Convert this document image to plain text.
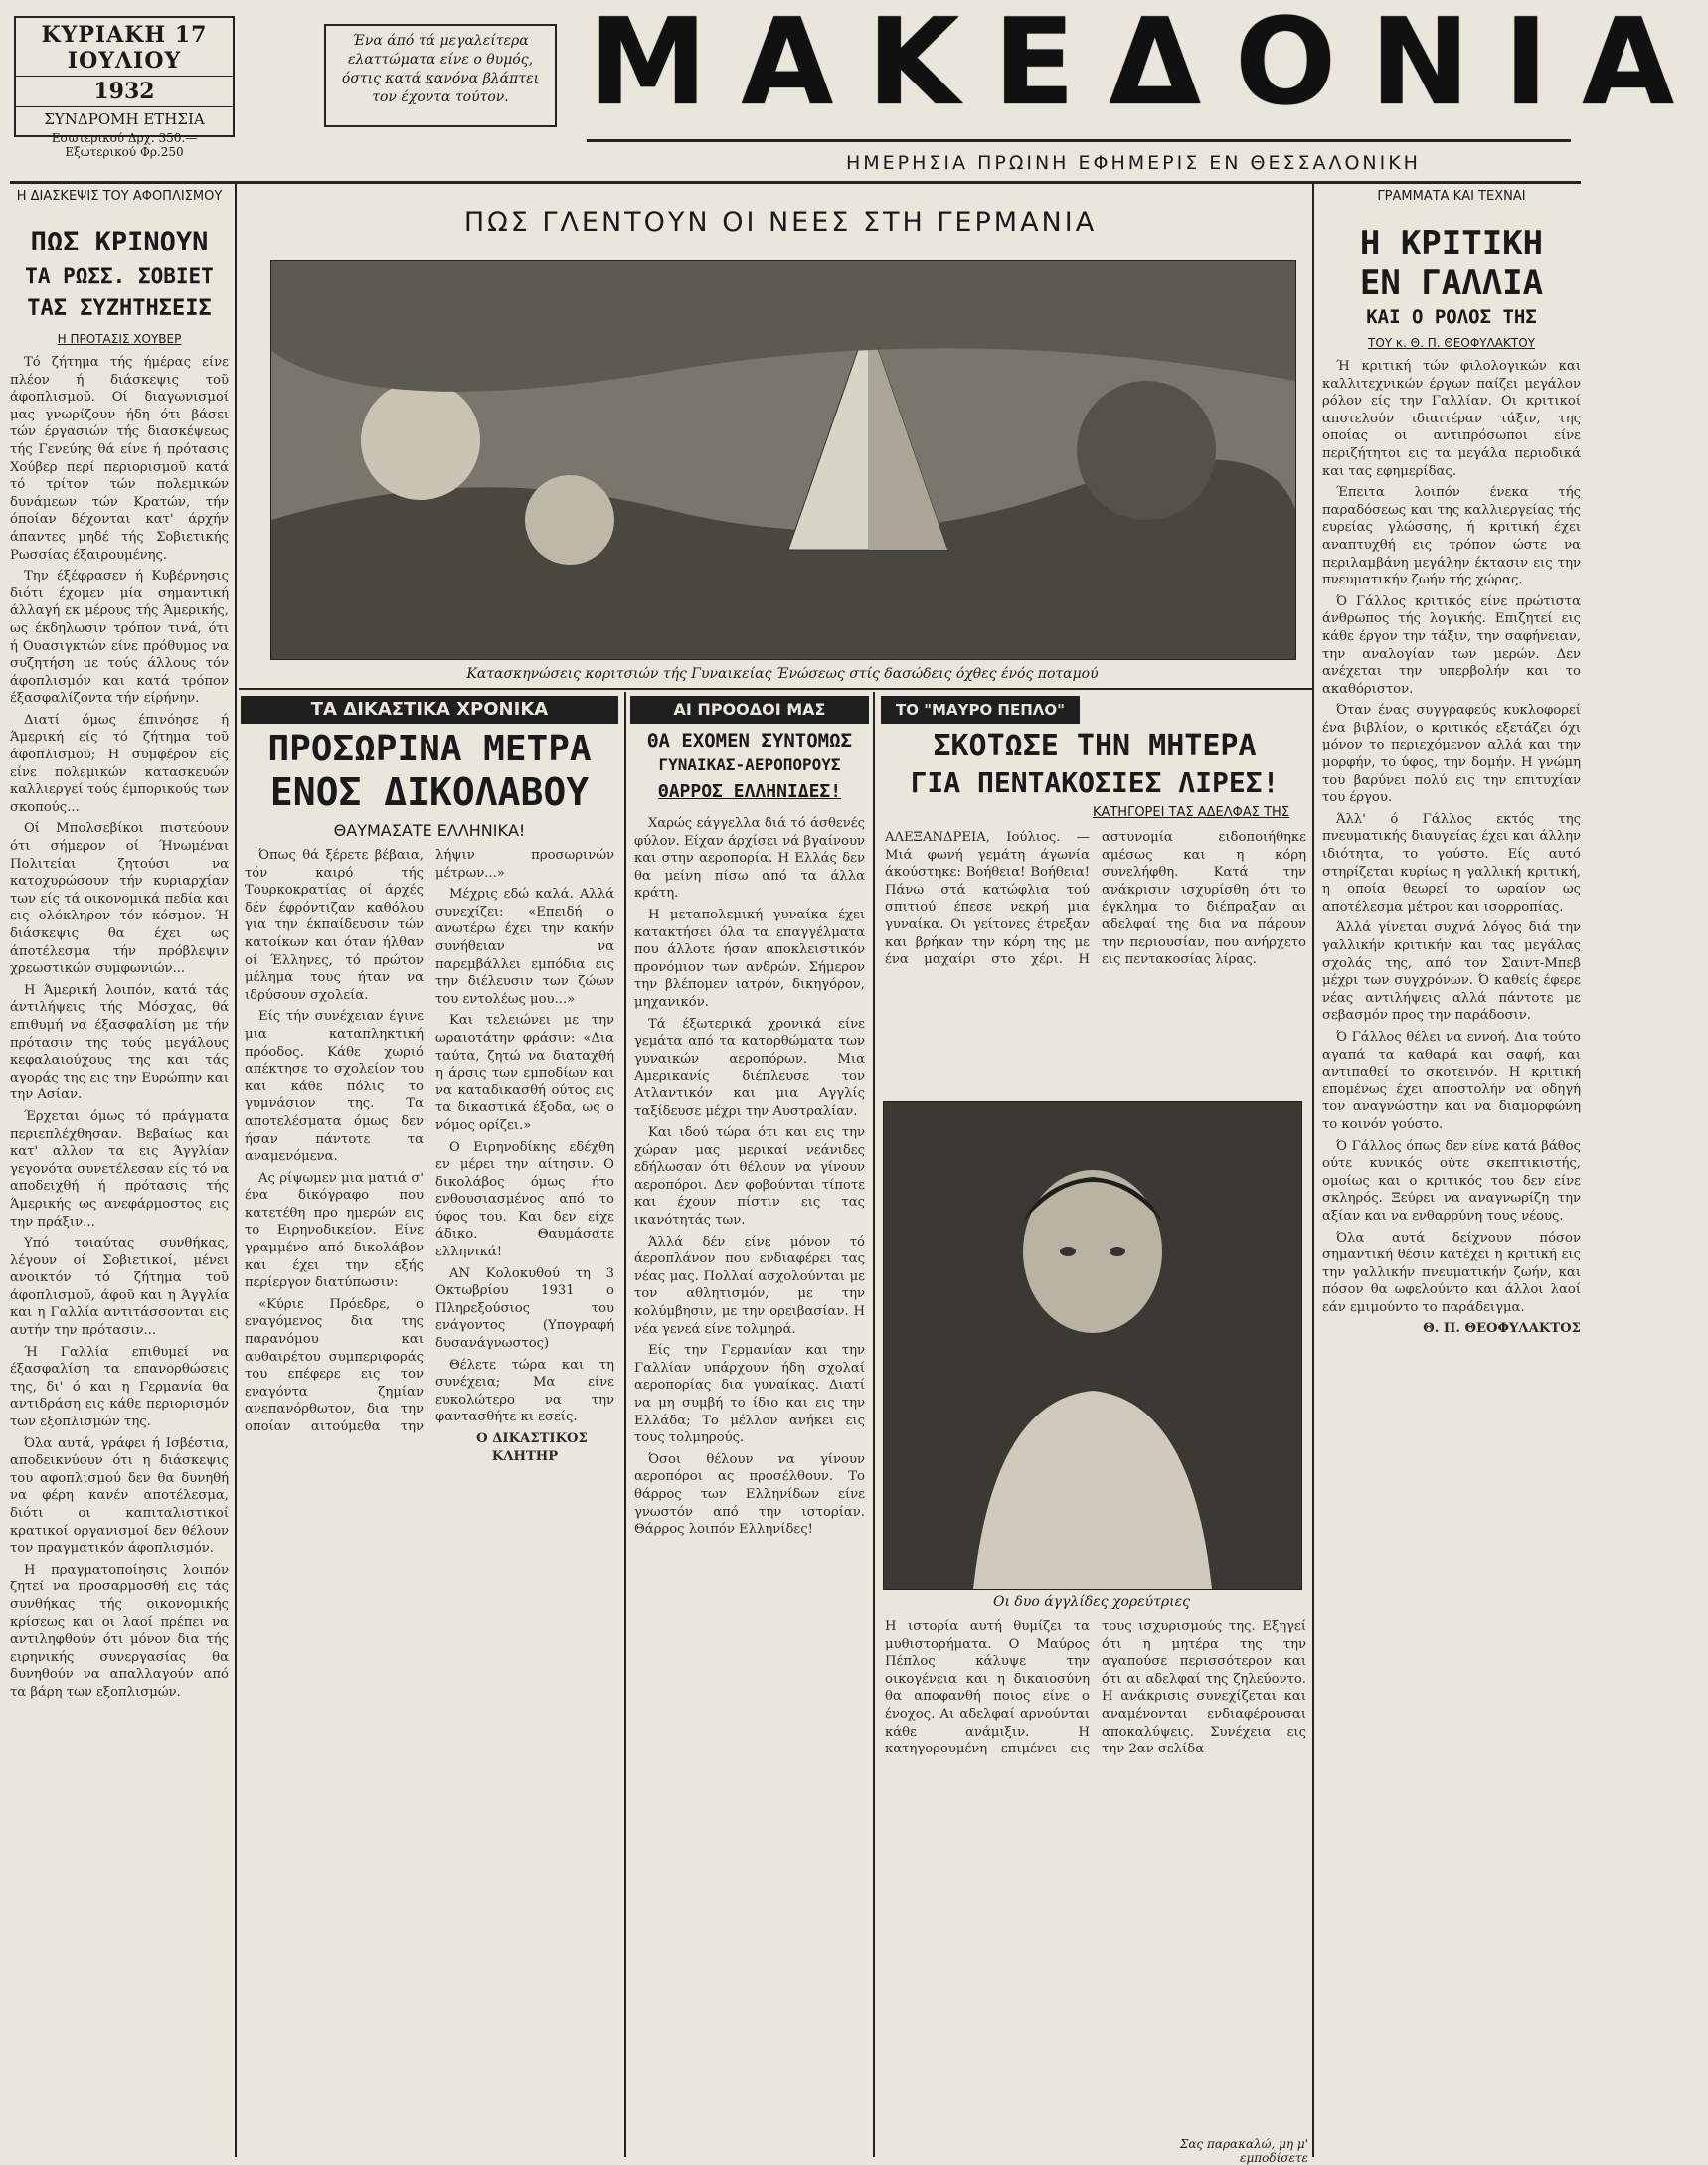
ΚΥΡΙΑΚΗ 17 ΙΟΥΛΙΟΥ
1932
ΣΥΝΔΡΟΜΗ ΕΤΗΣΙΑ
Εσωτερικού Δρχ. 350.— Εξωτερικού Φρ.250
Ένα άπό τά μεγαλείτερα ελαττώματα είνε ο θυμός, όστις κατά κανόνα βλάπτει τον έχοντα τούτον. ΜΑΚΕΔΟΝΙΑ
ΗΜΕΡΗΣΙΑ ΠΡΩΙΝΗ ΕΦΗΜΕΡΙΣ ΕΝ ΘΕΣΣΑΛΟΝΙΚΗ
Η ΔΙΑΣΚΕΨΙΣ ΤΟΥ ΑΦΟΠΛΙΣΜΟΥ
ΠΩΣ ΚΡΙΝΟΥΝ
ΤΑ ΡΩΣΣ. ΣΟΒΙΕΤ
ΤΑΣ ΣΥΖΗΤΗΣΕΙΣ
Η ΠΡΟΤΑΣΙΣ ΧΟΥΒΕΡ

Τό ζήτημα τής ήμέρας είνε πλέον ή διάσκεψις τοῦ άφοπλισμοῦ. Οί διαγωνισμοί μας γνωρίζουν ήδη ότι βάσει τών έργασιών τής διασκέψεως τής Γενεύης θά είνε ή πρότασις Χούβερ περί περιορισμοῦ κατά τό τρίτον τών πολεμικών δυνάμεων τών Κρατών, τήν όποίαν δέχονται κατ' άρχήν άπαντες μηδέ τής Σοβιετικής Ρωσσίας έξαιρουμένης.

Την έξέφρασεν ή Κυβέρνησις διότι έχομεν μία σημαντική άλλαγή εκ μέρους τής Άμερικής, ως έκδηλωσιν τρόπον τινά, ότι ή Ουασιγκτών είνε πρόθυμος να συζητήση με τούς άλλους τόν άφοπλισμόν και κατά τρόπον έξασφαλίζοντα τήν είρήνην.

Διατί όμως έπινόησε ή Άμερική είς τό ζήτημα τοῦ άφοπλισμοῦ; Η συμφέρον είς είνε πολεμικών κατασκευών καλλιεργεί τούς έμπορικούς των σκοπούς...

Οί Μπολσεβίκοι πιστεύουν ότι σήμερον οί Ήνωμέναι Πολιτείαι ζητούσι να κατοχυρώσουν τήν κυριαρχίαν των είς τά οικονομικά πεδία και εις ολόκληρον τόν κόσμον. Ή διάσκεψις θα έχει ως άποτέλεσμα τήν πρόβλεψιν χρεωστικών συμφωνιών...

Η Άμερική λοιπόν, κατά τάς άντιλήψεις τής Μόσχας, θά επιθυμή να έξασφαλίση με τήν πρότασιν της τούς μεγάλους κεφαλαιούχους της και τάς αγοράς της εις την Ευρώπην και την Ασίαν.

Έρχεται όμως τό πράγματα περιεπλέχθησαν. Βεβαίως και κατ' αλλον τα εις Άγγλίαν γεγονότα συνετέλεσαν είς τό να αποδειχθή ή πρότασις τής Άμερικής ως ανεφάρμοστος εις την πράξιν...

Υπό τοιαύτας συνθήκας, λέγουν οί Σοβιετικοί, μένει ανοικτόν τό ζήτημα τοῦ άφοπλισμοῦ, άφοῦ και η Άγγλία και η Γαλλία αντιτάσσονται εις αυτήν την πρότασιν...

Ή Γαλλία επιθυμεί να έξασφαλίση τα επανορθώσεις της, δι' ό και η Γερμανία θα αντιδράση εις κάθε περιορισμόν των εξοπλισμών της.

Όλα αυτά, γράφει ή Ισβέστια, αποδεικνύουν ότι η διάσκεψις του αφοπλισμού δεν θα δυνηθή να φέρη κανέν αποτέλεσμα, διότι οι καπιταλιστικοί κρατικοί οργανισμοί δεν θέλουν τον πραγματικόν άφοπλισμόν.

Η πραγματοποίησις λοιπόν ζητεί να προσαρμοσθή εις τάς συνθήκας τής οικονομικής κρίσεως και οι λαοί πρέπει να αντιληφθούν ότι μόνον δια τής ειρηνικής συνεργασίας θα δυνηθούν να απαλλαγούν από τα βάρη των εξοπλισμών.

ΠΩΣ ΓΛΕΝΤΟΥΝ ΟΙ ΝΕΕΣ ΣΤΗ ΓΕΡΜΑΝΙΑ
Κατασκηνώσεις κοριτσιών τής Γυναικείας Ένώσεως στίς δασώδεις όχθες ένός ποταμού
ΓΡΑΜΜΑΤΑ ΚΑΙ ΤΕΧΝΑΙ
Η ΚΡΙΤΙΚΗ
ΕΝ ΓΑΛΛΙΑ
ΚΑΙ Ο ΡΟΛΟΣ ΤΗΣ
ΤΟΥ κ. Θ. Π. ΘΕΟΦΥΛΑΚΤΟΥ

Ή κριτική τών φιλολογικών και καλλιτεχνικών έργων παίζει μεγάλον ρόλον είς την Γαλλίαν. Οι κριτικοί αποτελούν ιδιαιτέραν τάξιν, της οποίας οι αντιπρόσωποι είνε περιζήτητοι εις τα μεγάλα περιοδικά και τας εφημερίδας.

Έπειτα λοιπόν ένεκα τής παραδόσεως και της καλλιεργείας τής ευρείας γλώσσης, ή κριτική έχει αναπτυχθή εις τρόπον ώστε να περιλαμβάνη μεγάλην έκτασιν εις την πνευματικήν ζωήν τής χώρας.

Ό Γάλλος κριτικός είνε πρώτιστα άνθρωπος τής λογικής. Επιζητεί εις κάθε έργον την τάξιν, την σαφήνειαν, την αναλογίαν των μερών. Δεν ανέχεται την υπερβολήν και το ακαθόριστον.

Όταν ένας συγγραφεύς κυκλοφορεί ένα βιβλίον, ο κριτικός εξετάζει όχι μόνον το περιεχόμενον αλλά και την μορφήν, το ύφος, την δομήν. Η γνώμη του βαρύνει πολύ εις την επιτυχίαν του έργου.

Άλλ' ό Γάλλος εκτός της πνευματικής διαυγείας έχει και άλλην ιδιότητα, το γούστο. Είς αυτό στηρίζεται κυρίως η γαλλική κριτική, η οποία θεωρεί το ωραίον ως αποτέλεσμα μέτρου και ισορροπίας.

Άλλά γίνεται συχνά λόγος διά την γαλλικήν κριτικήν και τας μεγάλας σχολάς της, από τον Σαιντ-Μπεβ μέχρι των συγχρόνων. Ό καθείς έφερε νέας αντιλήψεις αλλά πάντοτε με σεβασμόν προς την παράδοσιν.

Ό Γάλλος θέλει να εννοή. Δια τούτο αγαπά τα καθαρά και σαφή, και αντιπαθεί το σκοτεινόν. Η κριτική επομένως έχει αποστολήν να οδηγή τον αναγνώστην και να διαμορφώνη το κοινόν γούστο.

Ό Γάλλος όπως δεν είνε κατά βάθος ούτε κυνικός ούτε σκεπτικιστής, ομοίως και ο κριτικός του δεν είνε σκληρός. Ξεύρει να αναγνωρίζη την αξίαν και να ενθαρρύνη τους νέους.

Όλα αυτά δείχνουν πόσον σημαντική θέσιν κατέχει η κριτική εις την γαλλικήν πνευματικήν ζωήν, και πόσον θα ωφελούντο και άλλοι λαοί εάν εμιμούντο το παράδειγμα.

Θ. Π. ΘΕΟΦΥΛΑΚΤΟΣ

ΤΑ ΔΙΚΑΣΤΙΚΑ ΧΡΟΝΙΚΑ
ΠΡΟΣΩΡΙΝΑ ΜΕΤΡΑ
ΕΝΟΣ ΔΙΚΟΛΑΒΟΥ
ΘΑΥΜΑΣΑΤΕ ΕΛΛΗΝΙΚΑ!

Όπως θά ξέρετε βέβαια, τόν καιρό τής Τουρκοκρατίας οί άρχές δέν έφρόντιζαν καθόλου για την έκπαίδευσιν τών κατοίκων και όταν ήλθαν οί Έλληνες, τό πρώτον μέλημα τους ήταν να ιδρύσουν σχολεία.

Είς τήν συνέχειαν έγινε μια καταπληκτική πρόοδος. Κάθε χωριό απέκτησε το σχολείον του και κάθε πόλις το γυμνάσιον της. Τα αποτελέσματα όμως δεν ήσαν πάντοτε τα αναμενόμενα.

Ας ρίψωμεν μια ματιά σ' ένα δικόγραφο που κατετέθη προ ημερών εις το Ειρηνοδικείον. Είνε γραμμένο από δικολάβον και έχει την εξής περίεργον διατύπωσιν:

«Κύριε Πρόεδρε, ο εναγόμενος δια της παρανόμου και αυθαιρέτου συμπεριφοράς του επέφερε εις τον εναγόντα ζημίαν ανεπανόρθωτον, δια την οποίαν αιτούμεθα την λήψιν προσωρινών μέτρων...»

Μέχρις εδώ καλά. Αλλά συνεχίζει: «Επειδή ο ανωτέρω έχει την κακήν συνήθειαν να παρεμβάλλει εμπόδια εις την διέλευσιν των ζώων του εντολέως μου...»

Και τελειώνει με την ωραιοτάτην φράσιν: «Δια ταύτα, ζητώ να διαταχθή η άρσις των εμποδίων και να καταδικασθή ούτος εις τα δικαστικά έξοδα, ως ο νόμος ορίζει.»

Ο Ειρηνοδίκης εδέχθη εν μέρει την αίτησιν. Ο δικολάβος όμως ήτο ενθουσιασμένος από το ύφος του. Και δεν είχε άδικο. Θαυμάσατε ελληνικά!

ΑΝ Κολοκυθού τη 3 Οκτωβρίου 1931 ο Πληρεξούσιος του ενάγοντος (Υπογραφή δυσανάγνωστος)

Θέλετε τώρα και τη συνέχεια; Μα είνε ευκολώτερο να την φαντασθήτε κι εσείς.

Ο ΔΙΚΑΣΤΙΚΟΣ ΚΛΗΤΗΡ

ΑΙ ΠΡΟΟΔΟΙ ΜΑΣ
ΘΑ ΕΧΟΜΕΝ ΣΥΝΤΟΜΩΣ
ΓΥΝΑΙΚΑΣ-ΑΕΡΟΠΟΡΟΥΣ
ΘΑΡΡΟΣ ΕΛΛΗΝΙΔΕΣ!

Χαρώς εάγγελλα διά τό άσθενές φύλον. Είχαν άρχίσει νά βγαίνουν και στην αεροπορία. Η Ελλάς δεν θα μείνη πίσω από τα άλλα κράτη.

Η μεταπολεμική γυναίκα έχει κατακτήσει όλα τα επαγγέλματα που άλλοτε ήσαν αποκλειστικόν προνόμιον των ανδρών. Σήμερον την βλέπομεν ιατρόν, δικηγόρον, μηχανικόν.

Τά έξωτερικά χρονικά είνε γεμάτα από τα κατορθώματα των γυναικών αεροπόρων. Μια Αμερικανίς διέπλευσε τον Ατλαντικόν και μια Αγγλίς ταξίδευσε μέχρι την Αυστραλίαν.

Και ιδού τώρα ότι και εις την χώραν μας μερικαί νεάνιδες εδήλωσαν ότι θέλουν να γίνουν αεροπόροι. Δεν φοβούνται τίποτε και έχουν πίστιν εις τας ικανότητάς των.

Άλλά δέν είνε μόνον τό άεροπλάνον που ενδιαφέρει τας νέας μας. Πολλαί ασχολούνται με τον αθλητισμόν, με την κολύμβησιν, με την ορειβασίαν. Η νέα γενεά είνε τολμηρά.

Είς την Γερμανίαν και την Γαλλίαν υπάρχουν ήδη σχολαί αεροπορίας δια γυναίκας. Διατί να μη συμβή το ίδιο και εις την Ελλάδα; Το μέλλον ανήκει εις τους τολμηρούς.

Όσοι θέλουν να γίνουν αεροπόροι ας προσέλθουν. Το θάρρος των Ελληνίδων είνε γνωστόν από την ιστορίαν. Θάρρος λοιπόν Ελληνίδες!

ΤΟ "ΜΑΥΡΟ ΠΕΠΛΟ"
ΣΚΟΤΩΣΕ ΤΗΝ ΜΗΤΕΡΑ
ΓΙΑ ΠΕΝΤΑΚΟΣΙΕΣ ΛΙΡΕΣ!
ΚΑΤΗΓΟΡΕΙ ΤΑΣ ΑΔΕΛΦΑΣ ΤΗΣ
ΑΛΕΞΑΝΔΡΕΙΑ, Ιούλιος. — Μιά φωνή γεμάτη άγωνία άκούστηκε: Βοήθεια! Βοήθεια! Πάνω στά κατώφλια τού σπιτιού έπεσε νεκρή μια γυναίκα. Οι γείτονες έτρεξαν και βρήκαν την κόρη της με ένα μαχαίρι στο χέρι. Η αστυνομία ειδοποιήθηκε αμέσως και η κόρη συνελήφθη. Κατά την ανάκρισιν ισχυρίσθη ότι το έγκλημα το διέπραξαν αι αδελφαί της δια να πάρουν την περιουσίαν, που ανήρχετο εις πεντακοσίας λίρας.
Οι δυο άγγλίδες χορεύτριες
Η ιστορία αυτή θυμίζει τα μυθιστορήματα. Ο Μαύρος Πέπλος κάλυψε την οικογένεια και η δικαιοσύνη θα αποφανθή ποιος είνε ο ένοχος. Αι αδελφαί αρνούνται κάθε ανάμιξιν. Η κατηγορουμένη επιμένει εις τους ισχυρισμούς της. Εξηγεί ότι η μητέρα της την αγαπούσε περισσότερον και ότι αι αδελφαί της ζηλεύοντο. Η ανάκρισις συνεχίζεται και αναμένονται ενδιαφέρουσαι αποκαλύψεις. Συνέχεια εις την 2αν σελίδα
Σας παρακαλώ, μη μ' εμποδίσετε
